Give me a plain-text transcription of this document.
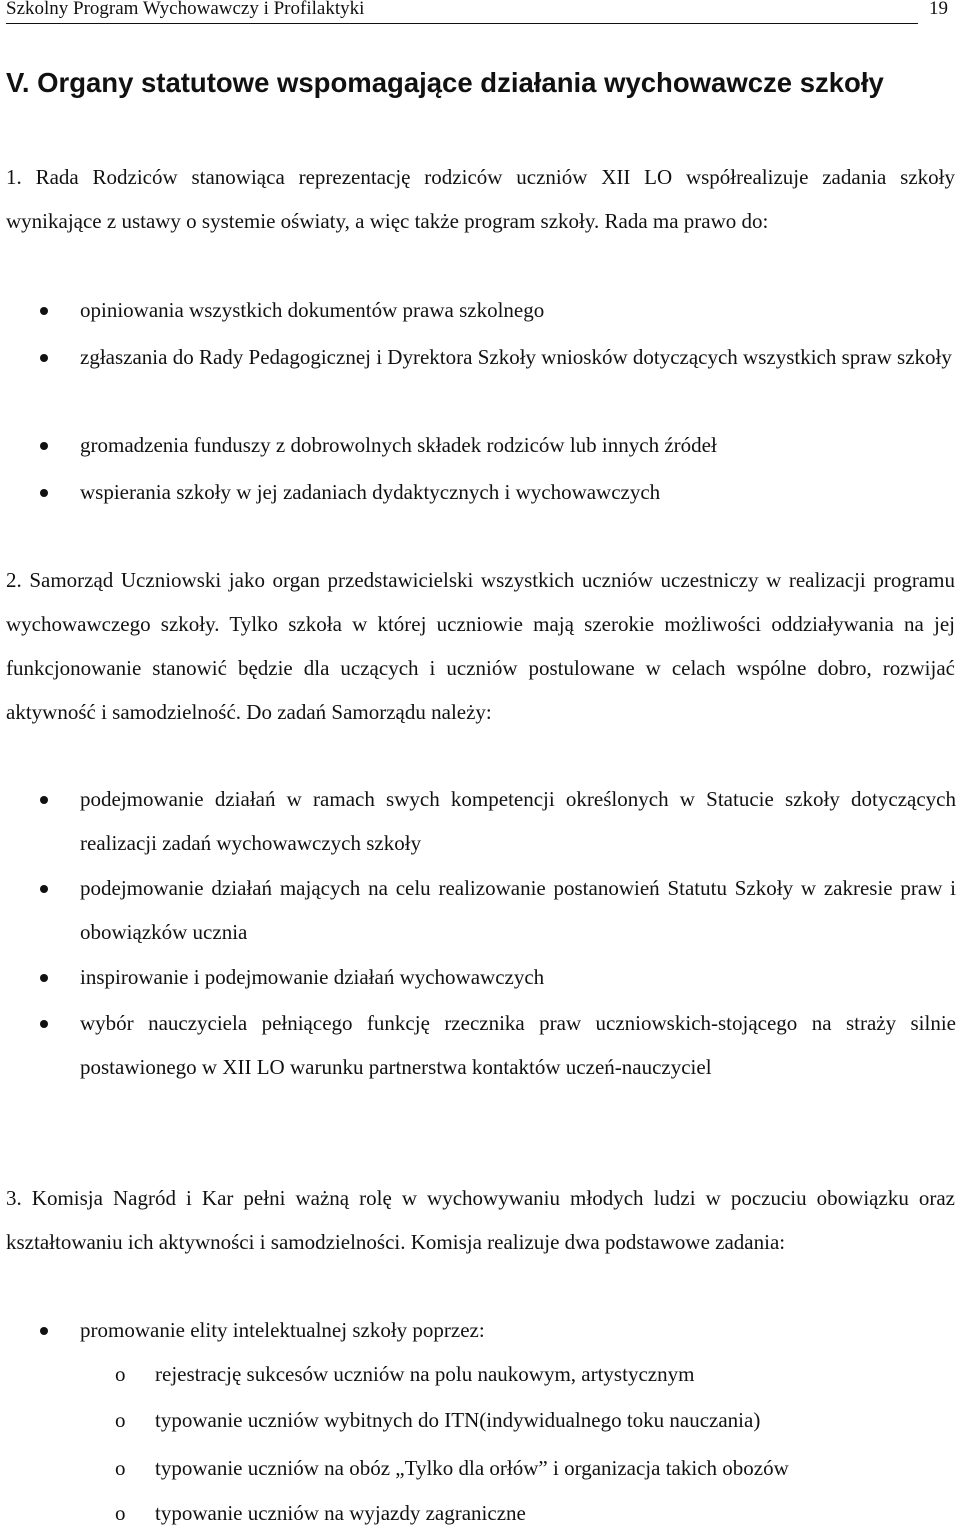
Szkolny Program Wychowawczy i Profilaktyki	19
V. Organy statutowe wspomagające działania wychowawcze szkoły

1. Rada Rodziców stanowiąca reprezentację rodziców uczniów XII LO współrealizuje zadania szkoły wynikające z ustawy o systemie oświaty, a więc także program szkoły. Rada ma prawo do:

opiniowania wszystkich dokumentów prawa szkolnego
zgłaszania do Rady Pedagogicznej i Dyrektora Szkoły wniosków dotyczących wszystkich spraw szkoły
gromadzenia funduszy z dobrowolnych składek rodziców lub innych źródeł
wspierania szkoły w jej zadaniach dydaktycznych i wychowawczych

2. Samorząd Uczniowski jako organ przedstawicielski wszystkich uczniów uczestniczy w realizacji programu wychowawczego szkoły. Tylko szkoła w której uczniowie mają szerokie możliwości oddziaływania na jej funkcjonowanie stanowić będzie dla uczących i uczniów postulowane w celach wspólne dobro, rozwijać aktywność i samodzielność. Do zadań Samorządu należy:

podejmowanie działań w ramach swych kompetencji określonych w Statucie szkoły dotyczących realizacji zadań wychowawczych szkoły
podejmowanie działań mających na celu realizowanie postanowień Statutu Szkoły w zakresie praw i obowiązków ucznia
inspirowanie i podejmowanie działań wychowawczych
wybór nauczyciela pełniącego funkcję rzecznika praw uczniowskich-stojącego na straży silnie postawionego w XII LO warunku partnerstwa kontaktów uczeń-nauczyciel

3. Komisja Nagród i Kar pełni ważną rolę w wychowywaniu młodych ludzi w poczuciu obowiązku oraz kształtowaniu ich aktywności i samodzielności. Komisja realizuje dwa podstawowe zadania:

promowanie elity intelektualnej szkoły poprzez:
o rejestrację sukcesów uczniów na polu naukowym, artystycznym
o typowanie uczniów wybitnych do ITN(indywidualnego toku nauczania)
o typowanie uczniów na obóz „Tylko dla orłów” i organizacja takich obozów
o typowanie uczniów na wyjazdy zagraniczne
